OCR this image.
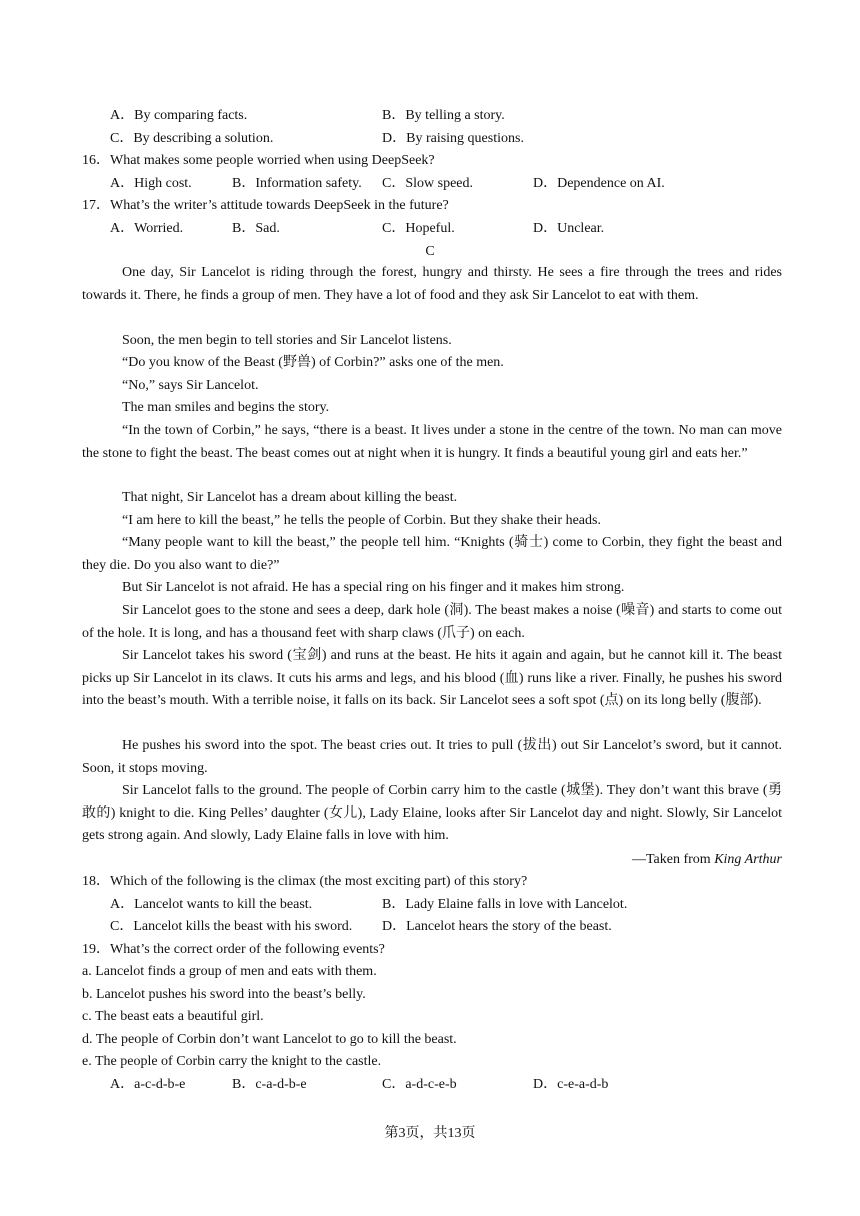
A．By comparing facts.	B．By telling a story.
C．By describing a solution.	D．By raising questions.
16．What makes some people worried when using DeepSeek?
A．High cost.	B．Information safety. C．Slow speed.	D．Dependence on AI.
17．What’s the writer’s attitude towards DeepSeek in the future?
A．Worried.	B．Sad.	C．Hopeful.	D．Unclear.
C

One day, Sir Lancelot is riding through the forest, hungry and thirsty. He sees a fire through the trees and rides towards it. There, he finds a group of men. They have a lot of food and they ask Sir Lancelot to eat with them.

Soon, the men begin to tell stories and Sir Lancelot listens.

“Do you know of the Beast (野兽) of Corbin?” asks one of the men.

“No,” says Sir Lancelot.

The man smiles and begins the story.

“In the town of Corbin,” he says, “there is a beast. It lives under a stone in the centre of the town. No man can move the stone to fight the beast. The beast comes out at night when it is hungry. It finds a beautiful young girl and eats her.”

That night, Sir Lancelot has a dream about killing the beast.

“I am here to kill the beast,” he tells the people of Corbin. But they shake their heads.

“Many people want to kill the beast,” the people tell him. “Knights (骑士) come to Corbin, they fight the beast and they die. Do you also want to die?”

But Sir Lancelot is not afraid. He has a special ring on his finger and it makes him strong.

Sir Lancelot goes to the stone and sees a deep, dark hole (洞). The beast makes a noise (噪音) and starts to come out of the hole. It is long, and has a thousand feet with sharp claws (爪子) on each.

Sir Lancelot takes his sword (宝剑) and runs at the beast. He hits it again and again, but he cannot kill it. The beast picks up Sir Lancelot in its claws. It cuts his arms and legs, and his blood (血) runs like a river. Finally, he pushes his sword into the beast’s mouth. With a terrible noise, it falls on its back. Sir Lancelot sees a soft spot (点) on its long belly (腹部).

He pushes his sword into the spot. The beast cries out. It tries to pull (拔出) out Sir Lancelot’s sword, but it cannot. Soon, it stops moving.

Sir Lancelot falls to the ground. The people of Corbin carry him to the castle (城堡). They don’t want this brave (勇敢的) knight to die. King Pelles’ daughter (女儿), Lady Elaine, looks after Sir Lancelot day and night. Slowly, Sir Lancelot gets strong again. And slowly, Lady Elaine falls in love with him.

—Taken from King Arthur
18．Which of the following is the climax (the most exciting part) of this story?
A．Lancelot wants to kill the beast.	B．Lady Elaine falls in love with Lancelot.
C．Lancelot kills the beast with his sword. D．Lancelot hears the story of the beast.
19．What’s the correct order of the following events?
a. Lancelot finds a group of men and eats with them.
b. Lancelot pushes his sword into the beast’s belly.
c. The beast eats a beautiful girl.
d. The people of Corbin don’t want Lancelot to go to kill the beast.
e. The people of Corbin carry the knight to the castle.
A．a-c-d-b-e	B．c-a-d-b-e	C．a-d-c-e-b	D．c-e-a-d-b
第3页，共13页
